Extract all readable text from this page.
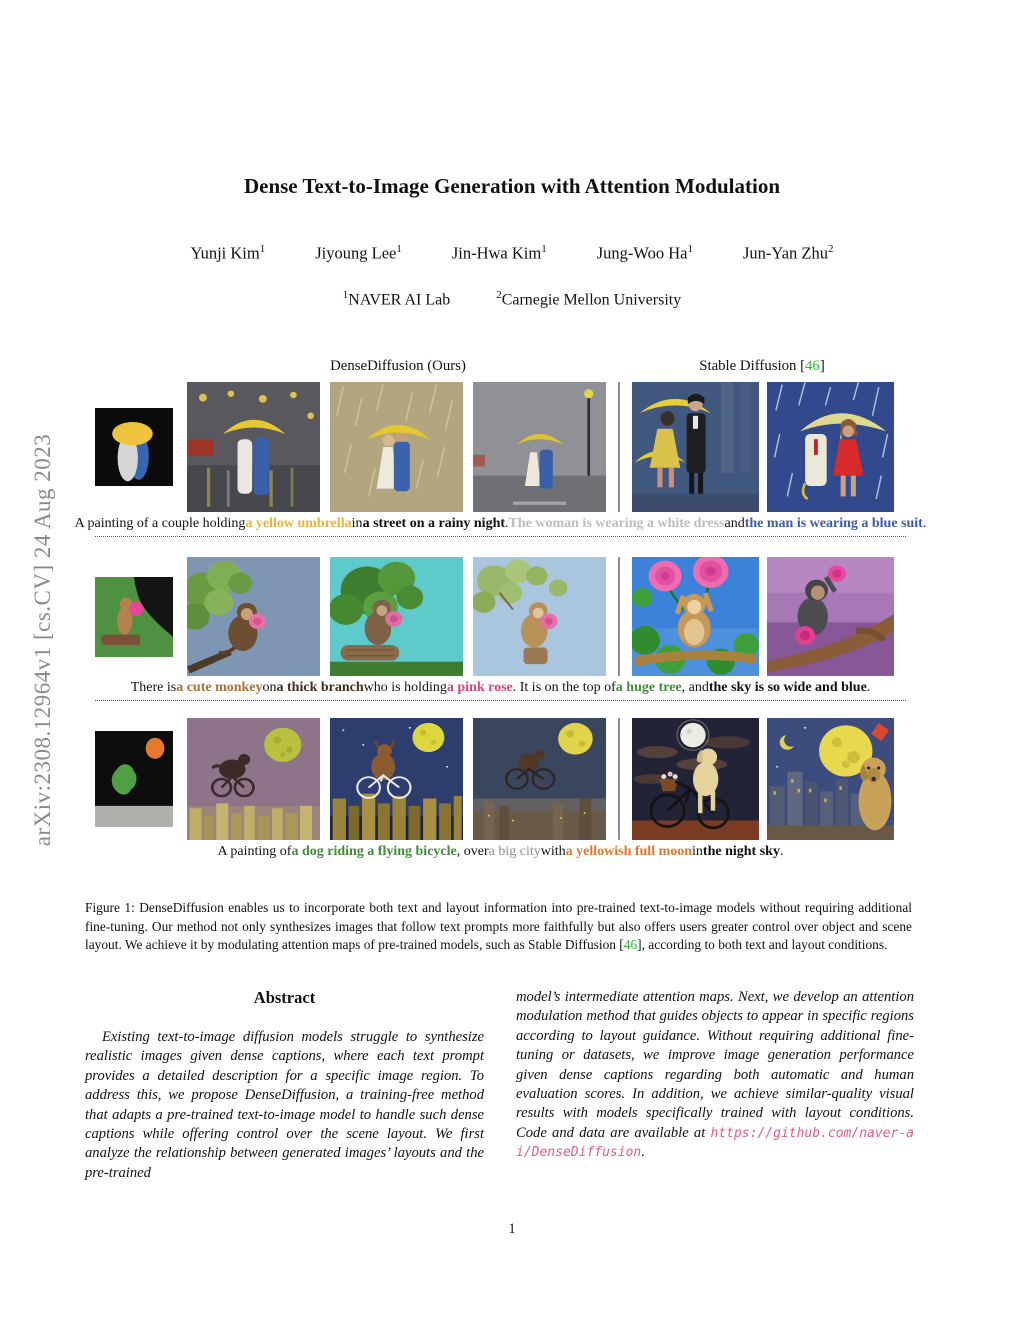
arXiv:2308.12964v1 [cs.CV] 24 Aug 2023
Dense Text-to-Image Generation with Attention Modulation
Yunji Kim$^1$	Jiyoung Lee$^1$	Jin-Hwa Kim$^1$	Jung-Woo Ha$^1$	Jun-Yan Zhu$^2$
$^1$NAVER AI Lab	$^2$Carnegie Mellon University
DenseDiffusion (Ours)	Stable Diffusion [46]
A painting of a couple holding a yellow umbrella in a street on a rainy night . The woman is wearing a white dress and the man is wearing a blue suit .
There is a cute monkey on a thick branch who is holding a pink rose . It is on the top of a huge tree , and the sky is so wide and blue .
A painting of a dog riding a flying bicycle , over a big city with a yellowish full moon in the night sky .

Figure 1: DenseDiffusion enables us to incorporate both text and layout information into pre-trained text-to-image models without requiring additional fine-tuning. Our method not only synthesizes images that follow text prompts more faithfully but also offers users greater control over object and scene layout. We achieve it by modulating attention maps of pre-trained models, such as Stable Diffusion [46], according to both text and layout conditions.

Abstract

Existing text-to-image diffusion models struggle to synthesize realistic images given dense captions, where each text prompt provides a detailed description for a specific image region. To address this, we propose DenseDiffusion, a training-free method that adapts a pre-trained text-to-image model to handle such dense captions while offering control over the scene layout. We first analyze the relationship between generated images’ layouts and the pre-trained

model’s intermediate attention maps. Next, we develop an attention modulation method that guides objects to appear in specific regions according to layout guidance. Without requiring additional fine-tuning or datasets, we improve image generation performance given dense captions regarding both automatic and human evaluation scores. In addition, we achieve similar-quality visual results with models specifically trained with layout conditions. Code and data are available at https://github.com/naver-ai/DenseDiffusion.

1
